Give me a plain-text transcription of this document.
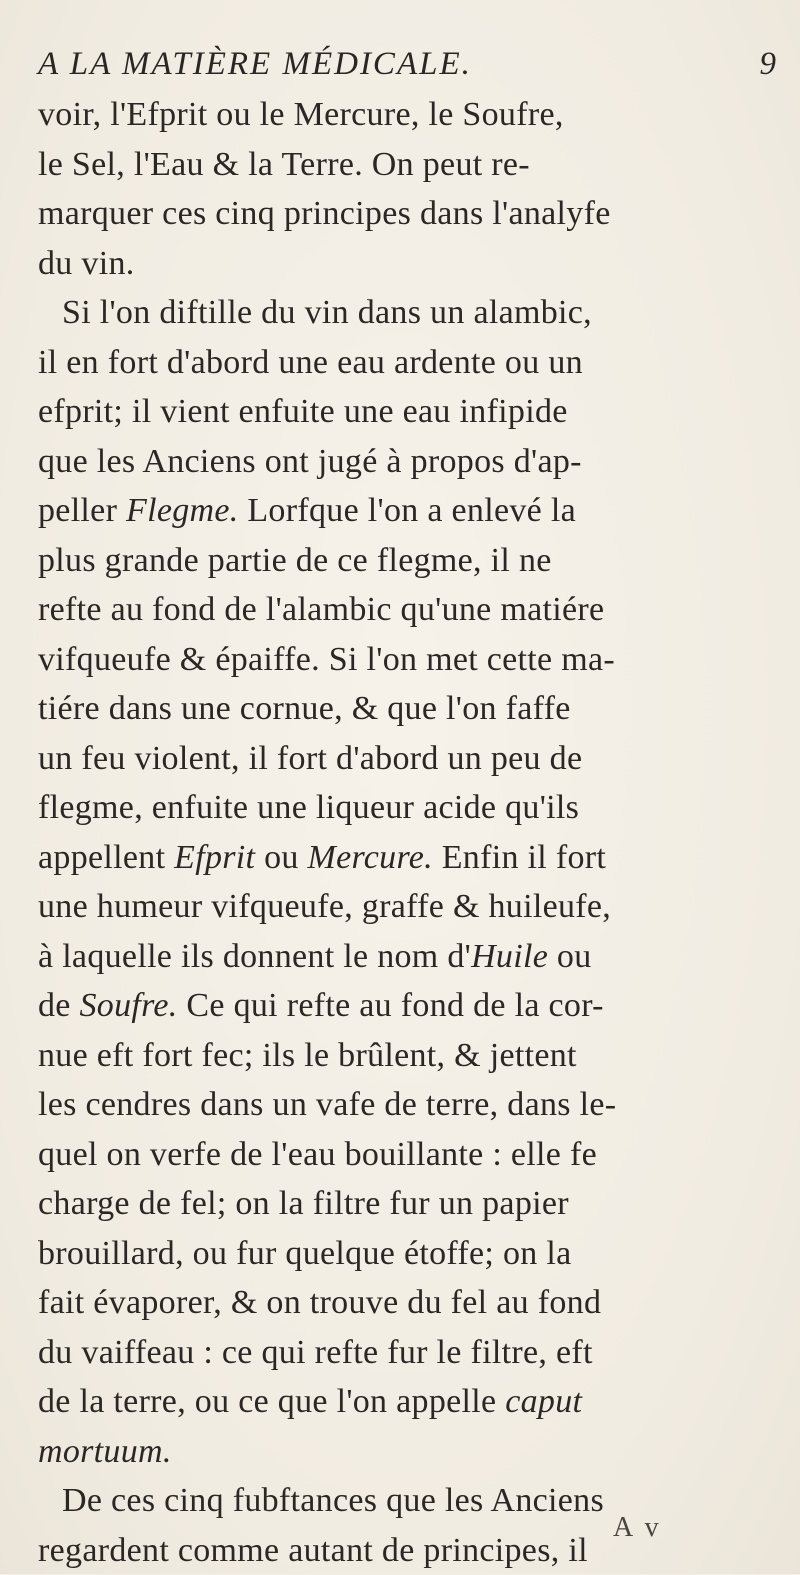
A LA MATIÈRE MÉDICALE.	9
voir, l'Efprit ou le Mercure, le Soufre,
le Sel, l'Eau & la Terre. On peut re-
marquer ces cinq principes dans l'analyfe
du vin.
Si l'on diftille du vin dans un alambic,
il en fort d'abord une eau ardente ou un
efprit; il vient enfuite une eau infipide
que les Anciens ont jugé à propos d'ap-
peller Flegme. Lorfque l'on a enlevé la
plus grande partie de ce flegme, il ne
refte au fond de l'alambic qu'une matiére
vifqueufe & épaiffe. Si l'on met cette ma-
tiére dans une cornue, & que l'on faffe
un feu violent, il fort d'abord un peu de
flegme, enfuite une liqueur acide qu'ils
appellent Efprit ou Mercure. Enfin il fort
une humeur vifqueufe, graffe & huileufe,
à laquelle ils donnent le nom d'Huile ou
de Soufre. Ce qui refte au fond de la cor-
nue eft fort fec; ils le brûlent, & jettent
les cendres dans un vafe de terre, dans le-
quel on verfe de l'eau bouillante : elle fe
charge de fel; on la filtre fur un papier
brouillard, ou fur quelque étoffe; on la
fait évaporer, & on trouve du fel au fond
du vaiffeau : ce qui refte fur le filtre, eft
de la terre, ou ce que l'on appelle caput
mortuum.
De ces cinq fubftances que les Anciens
regardent comme autant de principes, il
A v
